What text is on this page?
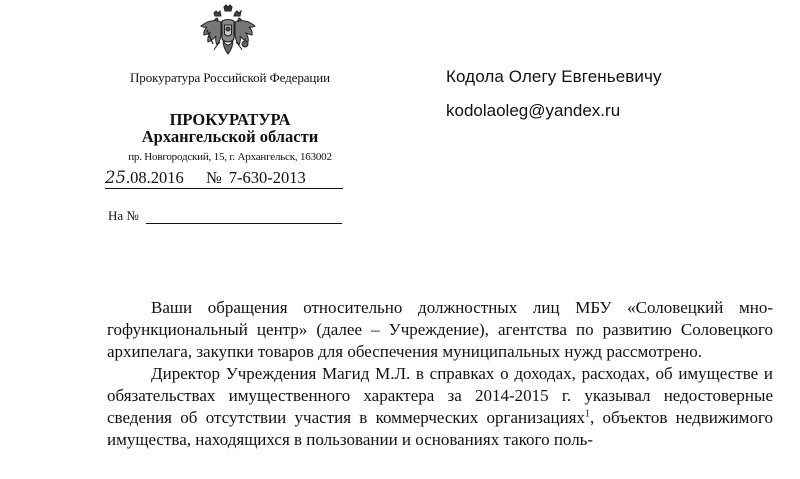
Прокуратура Российской Федерации
ПРОКУРАТУРА
Архангельской области
пр. Новгородский, 15, г. Архангельск, 163002
25.08.2016 № 7-630-2013
На №
Кодола Олегу Евгеньевичу
kodolaoleg@yandex.ru

Ваши обращения относительно должностных лиц МБУ «Соловецкий многофункциональный центр» (далее – Учреждение), агентства по развитию Соловецкого архипелага, закупки товаров для обеспечения муниципальных нужд рассмотрено.

Директор Учреждения Магид М.Л. в справках о доходах, расходах, об имуществе и обязательствах имущественного характера за 2014-2015 г. указывал недостоверные сведения об отсутствии участия в коммерческих организациях$^1$, объектов недвижимого имущества, находящихся в пользовании и основаниях такого поль-
